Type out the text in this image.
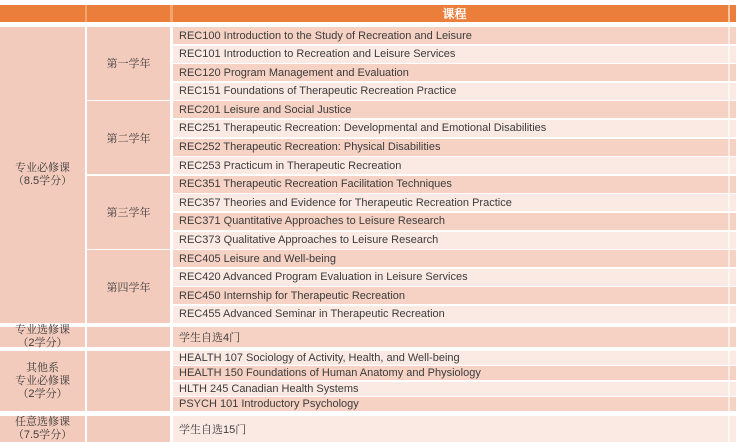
课程
专业必修课
（8.5学分）
第一学年
REC100 Introduction to the Study of Recreation and Leisure
REC101 Introduction to Recreation and Leisure Services
REC120 Program Management and Evaluation
REC151 Foundations of Therapeutic Recreation Practice
第二学年
REC201 Leisure and Social Justice
REC251 Therapeutic Recreation: Developmental and Emotional Disabilities
REC252 Therapeutic Recreation: Physical Disabilities
REC253 Practicum in Therapeutic Recreation
第三学年
REC351 Therapeutic Recreation Facilitation Techniques
REC357 Theories and Evidence for Therapeutic Recreation Practice
REC371 Quantitative Approaches to Leisure Research
REC373 Qualitative Approaches to Leisure Research
第四学年
REC405 Leisure and Well-being
REC420 Advanced Program Evaluation in Leisure Services
REC450 Internship for Therapeutic Recreation
REC455 Advanced Seminar in Therapeutic Recreation
专业选修课
（2学分）	学生自选4门
其他系
专业必修课
（2学分）
HEALTH 107 Sociology of Activity, Health, and Well-being
HEALTH 150 Foundations of Human Anatomy and Physiology
HLTH 245 Canadian Health Systems
PSYCH 101 Introductory Psychology
任意选修课
（7.5学分）	学生自选15门
